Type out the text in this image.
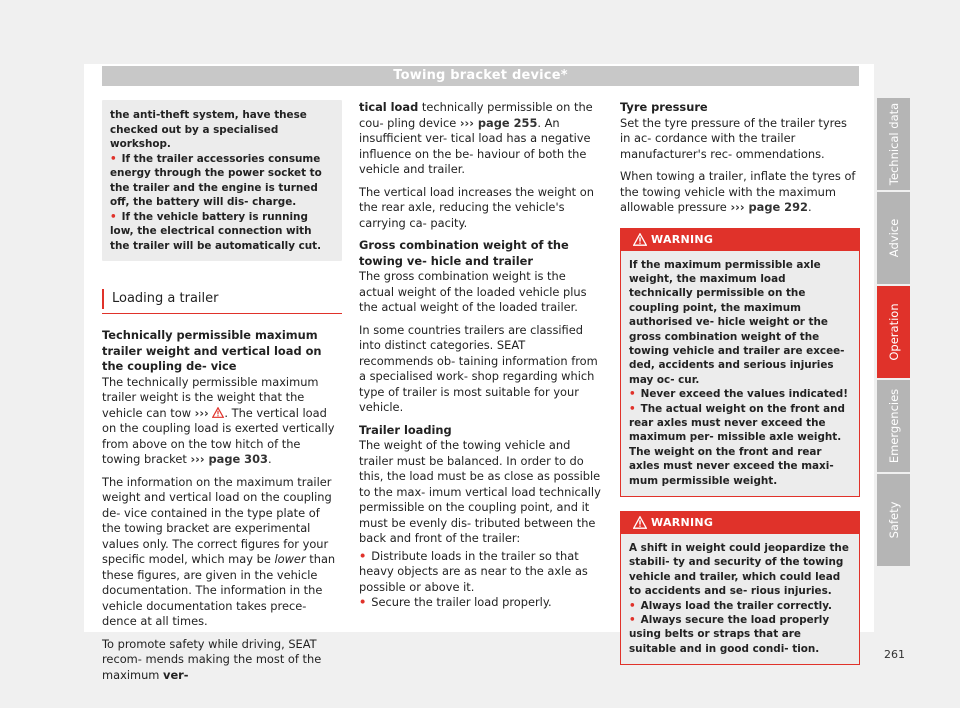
Towing bracket device*
the anti-theft system, have these checked out by a specialised workshop.
• If the trailer accessories consume energy through the power socket to the trailer and the engine is turned off, the battery will dis- charge.
• If the vehicle battery is running low, the electrical connection with the trailer will be automatically cut.
Loading a trailer

Technically permissible maximum trailer weight and vertical load on the coupling de- vice

The technically permissible maximum trailer weight is the weight that the vehicle can tow ››› . The vertical load on the coupling load is exerted vertically from above on the tow hitch of the towing bracket ››› page 303.

The information on the maximum trailer weight and vertical load on the coupling de- vice contained in the type plate of the towing bracket are experimental values only. The correct figures for your specific model, which may be lower than these figures, are given in the vehicle documentation. The information in the vehicle documentation takes prece- dence at all times.

To promote safety while driving, SEAT recom- mends making the most of the maximum ver-

tical load technically permissible on the cou- pling device ››› page 255. An insufficient ver- tical load has a negative influence on the be- haviour of both the vehicle and trailer.

The vertical load increases the weight on the rear axle, reducing the vehicle's carrying ca- pacity.

Gross combination weight of the towing ve- hicle and trailer

The gross combination weight is the actual weight of the loaded vehicle plus the actual weight of the loaded trailer.

In some countries trailers are classified into distinct categories. SEAT recommends ob- taining information from a specialised work- shop regarding which type of trailer is most suitable for your vehicle.

Trailer loading

The weight of the towing vehicle and trailer must be balanced. In order to do this, the load must be as close as possible to the max- imum vertical load technically permissible on the coupling point, and it must be evenly dis- tributed between the back and front of the trailer:

• Distribute loads in the trailer so that heavy objects are as near to the axle as possible or above it.
• Secure the trailer load properly.

Tyre pressure

Set the tyre pressure of the trailer tyres in ac- cordance with the trailer manufacturer's rec- ommendations.

When towing a trailer, inflate the tyres of the towing vehicle with the maximum allowable pressure ››› page 292.

WARNING
If the maximum permissible axle weight, the maximum load technically permissible on the coupling point, the maximum authorised ve- hicle weight or the gross combination weight of the towing vehicle and trailer are excee- ded, accidents and serious injuries may oc- cur.
• Never exceed the values indicated!
• The actual weight on the front and rear axles must never exceed the maximum per- missible axle weight. The weight on the front and rear axles must never exceed the maxi- mum permissible weight.
WARNING
A shift in weight could jeopardize the stabili- ty and security of the towing vehicle and trailer, which could lead to accidents and se- rious injuries.
• Always load the trailer correctly.
• Always secure the load properly using belts or straps that are suitable and in good condi- tion.
Technical data
Advice
Operation
Emergencies
Safety
261
